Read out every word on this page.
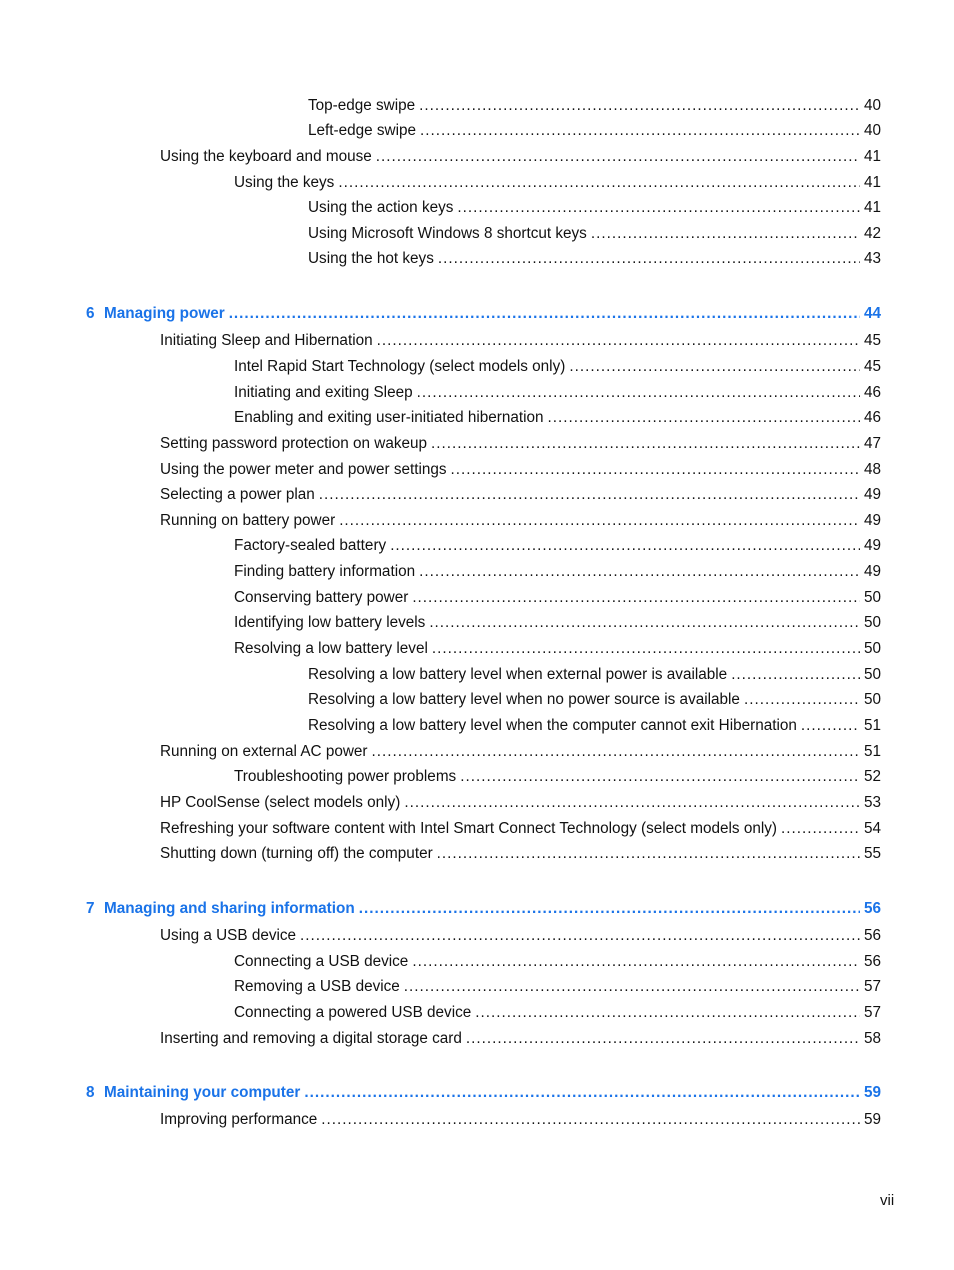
Top-edge swipe .....	40
Left-edge swipe .....	40
Using the keyboard and mouse .....	41
Using the keys .....	41
Using the action keys .....	41
Using Microsoft Windows 8 shortcut keys .....	42
Using the hot keys .....	43
6 Managing power .....	44
Initiating Sleep and Hibernation .....	45
Intel Rapid Start Technology (select models only) .....	45
Initiating and exiting Sleep .....	46
Enabling and exiting user-initiated hibernation .....	46
Setting password protection on wakeup .....	47
Using the power meter and power settings .....	48
Selecting a power plan .....	49
Running on battery power .....	49
Factory-sealed battery .....	49
Finding battery information .....	49
Conserving battery power .....	50
Identifying low battery levels .....	50
Resolving a low battery level .....	50
Resolving a low battery level when external power is available .....	50
Resolving a low battery level when no power source is available .....	50
Resolving a low battery level when the computer cannot exit Hibernation .....	51
Running on external AC power .....	51
Troubleshooting power problems .....	52
HP CoolSense (select models only) .....	53
Refreshing your software content with Intel Smart Connect Technology (select models only) .....	54
Shutting down (turning off) the computer .....	55
7 Managing and sharing information .....	56
Using a USB device .....	56
Connecting a USB device .....	56
Removing a USB device .....	57
Connecting a powered USB device .....	57
Inserting and removing a digital storage card .....	58
8 Maintaining your computer .....	59
Improving performance .....	59
vii
